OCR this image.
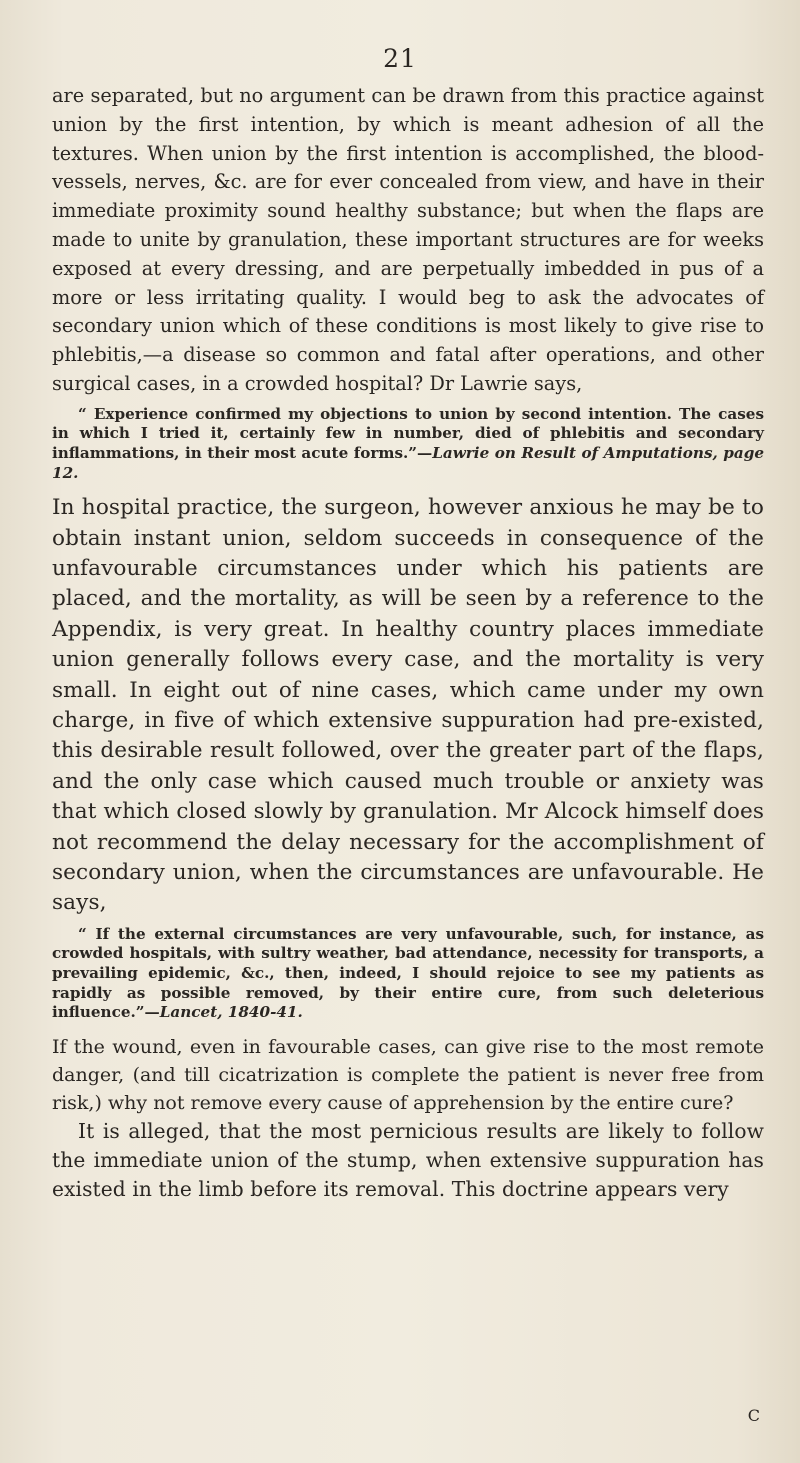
21

are separated, but no argument can be drawn from this practice against union by the first intention, by which is meant adhesion of all the textures. When union by the first intention is accomplished, the blood-vessels, nerves, &c. are for ever concealed from view, and have in their immediate proximity sound healthy substance; but when the flaps are made to unite by granulation, these important structures are for weeks exposed at every dressing, and are perpetually imbedded in pus of a more or less irritating quality. I would beg to ask the advocates of secondary union which of these conditions is most likely to give rise to phlebitis,—a disease so common and fatal after operations, and other surgical cases, in a crowded hospital? Dr Lawrie says,

“ Experience confirmed my objections to union by second intention. The cases in which I tried it, certainly few in number, died of phlebitis and secondary inflammations, in their most acute forms.”—Lawrie on Result of Amputations, page 12.

In hospital practice, the surgeon, however anxious he may be to obtain instant union, seldom succeeds in consequence of the unfavourable circumstances under which his patients are placed, and the mortality, as will be seen by a reference to the Appendix, is very great. In healthy country places immediate union generally follows every case, and the mortality is very small. In eight out of nine cases, which came under my own charge, in five of which extensive suppuration had pre-existed, this desirable result followed, over the greater part of the flaps, and the only case which caused much trouble or anxiety was that which closed slowly by granulation. Mr Alcock himself does not recommend the delay necessary for the accomplishment of secondary union, when the circumstances are unfavourable. He says,

“ If the external circumstances are very unfavourable, such, for instance, as crowded hospitals, with sultry weather, bad attendance, necessity for transports, a prevailing epidemic, &c., then, indeed, I should rejoice to see my patients as rapidly as possible removed, by their entire cure, from such deleterious influence.”—Lancet, 1840-41.

If the wound, even in favourable cases, can give rise to the most remote danger, (and till cicatrization is complete the patient is never free from risk,) why not remove every cause of apprehension by the entire cure?

It is alleged, that the most pernicious results are likely to follow the immediate union of the stump, when extensive suppuration has existed in the limb before its removal. This doctrine appears very

C
